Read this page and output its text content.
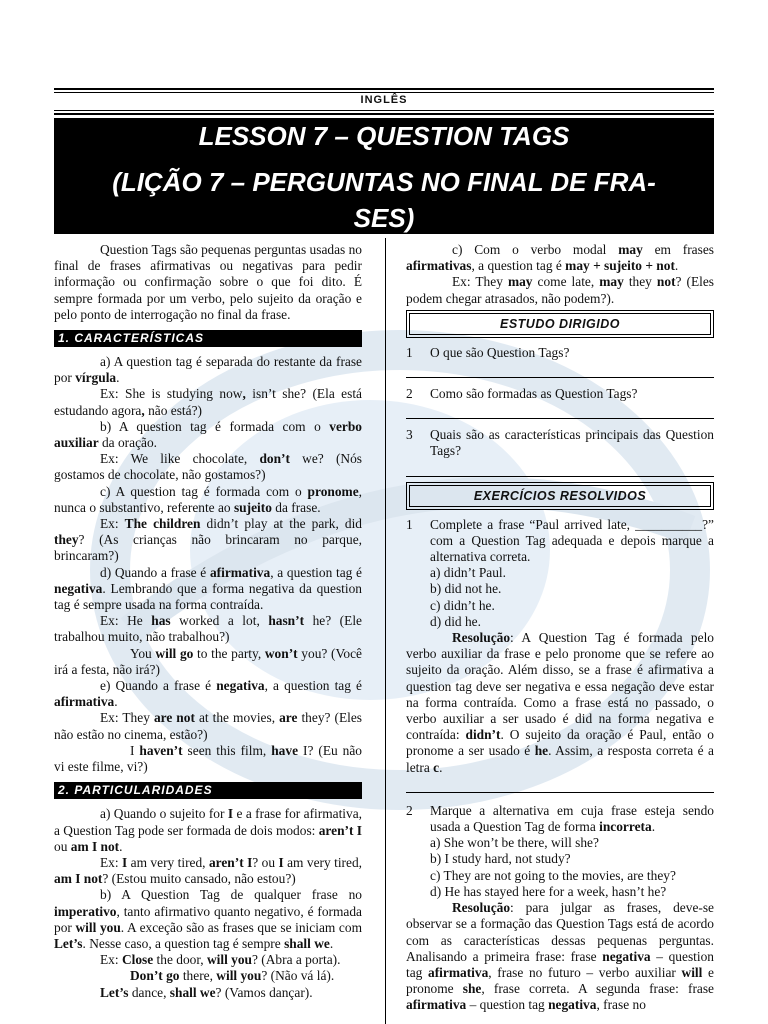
INGLÊS
LESSON 7 – QUESTION TAGS
(LIÇÃO 7 – PERGUNTAS NO FINAL DE FRA-
SES)

Question Tags são pequenas perguntas usadas no final de frases afirmativas ou negativas para pedir informação ou confirmação sobre o que foi dito. É sempre formada por um verbo, pelo sujeito da oração e pelo ponto de interrogação no final da frase.

1. CARACTERÍSTICAS

a) A question tag é separada do restante da frase por vírgula.

Ex: She is studying now, isn’t she? (Ela está estudando agora, não está?)

b) A question tag é formada com o verbo auxiliar da oração.

Ex: We like chocolate, don’t we? (Nós gostamos de chocolate, não gostamos?)

c) A question tag é formada com o pronome, nunca o substantivo, referente ao sujeito da frase.

Ex: The children didn’t play at the park, did they? (As crianças não brincaram no parque, brincaram?)

d) Quando a frase é afirmativa, a question tag é negativa. Lembrando que a forma negativa da question tag é sempre usada na forma contraída.

Ex: He has worked a lot, hasn’t he? (Ele trabalhou muito, não trabalhou?)

You will go to the party, won’t you? (Você irá a festa, não irá?)

e) Quando a frase é negativa, a question tag é afirmativa.

Ex: They are not at the movies, are they? (Eles não estão no cinema, estão?)

I haven’t seen this film, have I? (Eu não vi este filme, vi?)

2. PARTICULARIDADES

a) Quando o sujeito for I e a frase for afirmativa, a Question Tag pode ser formada de dois modos: aren’t I ou am I not.

Ex: I am very tired, aren’t I? ou I am very tired, am I not? (Estou muito cansado, não estou?)

b) A Question Tag de qualquer frase no imperativo, tanto afirmativo quanto negativo, é formada por will you. A exceção são as frases que se iniciam com Let’s. Nesse caso, a question tag é sempre shall we.

Ex: Close the door, will you? (Abra a porta).

Don’t go there, will you? (Não vá lá).

Let’s dance, shall we? (Vamos dançar).

c) Com o verbo modal may em frases afirmativas, a question tag é may + sujeito + not.

Ex: They may come late, may they not? (Eles podem chegar atrasados, não podem?).

ESTUDO DIRIGIDO
1	O que são Question Tags?
2	Como são formadas as Question Tags?
3	Quais são as características principais das Question Tags?
EXERCÍCIOS RESOLVIDOS
1	Complete a frase “Paul arrived late, __________?” com a Question Tag adequada e depois marque a alternativa correta.
a) didn’t Paul.
b) did not he.
c) didn’t he.
d) did he.

Resolução: A Question Tag é formada pelo verbo auxiliar da frase e pelo pronome que se refere ao sujeito da oração. Além disso, se a frase é afirmativa a question tag deve ser negativa e essa negação deve estar na forma contraída. Como a frase está no passado, o verbo auxiliar a ser usado é did na forma negativa e contraída: didn’t. O sujeito da oração é Paul, então o pronome a ser usado é he. Assim, a resposta correta é a letra c.

2	Marque a alternativa em cuja frase esteja sendo usada a Question Tag de forma incorreta.
a) She won’t be there, will she?
b) I study hard, not study?
c) They are not going to the movies, are they?
d) He has stayed here for a week, hasn’t he?

Resolução: para julgar as frases, deve-se observar se a formação das Question Tags está de acordo com as características dessas pequenas perguntas. Analisando a primeira frase: frase negativa – question tag afirmativa, frase no futuro – verbo auxiliar will e pronome she, frase correta. A segunda frase: frase afirmativa – question tag negativa, frase no
